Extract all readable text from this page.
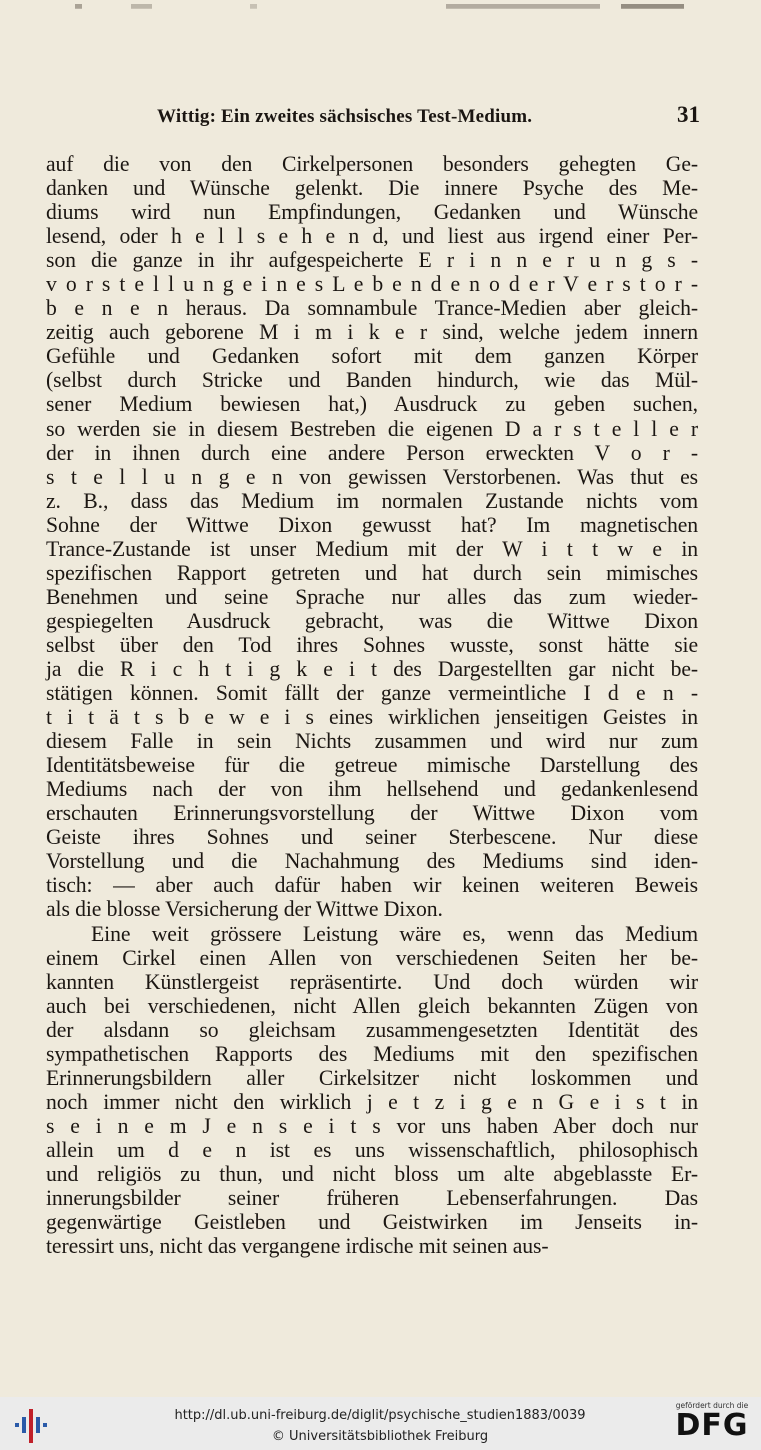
Wittig: Ein zweites sächsisches Test-Medium.	31
auf die von den Cirkelpersonen besonders gehegten Ge-
danken und Wünsche gelenkt. Die innere Psyche des Me-
diums wird nun Empfindungen, Gedanken und Wünsche
lesend, oder h e l l s e h e n d, und liest aus irgend einer Per-
son die ganze in ihr aufgespeicherte E r i n n e r u n g s -
v o r s t e l l u n g e i n e s L e b e n d e n o d e r V e r s t o r -
b e n e n heraus. Da somnambule Trance-Medien aber gleich-
zeitig auch geborene M i m i k e r sind, welche jedem innern
Gefühle und Gedanken sofort mit dem ganzen Körper
(selbst durch Stricke und Banden hindurch, wie das Mül-
sener Medium bewiesen hat,) Ausdruck zu geben suchen,
so werden sie in diesem Bestreben die eigenen D a r s t e l l e r
der in ihnen durch eine andere Person erweckten V o r -
s t e l l u n g e n von gewissen Verstorbenen. Was thut es
z. B., dass das Medium im normalen Zustande nichts vom
Sohne der Wittwe Dixon gewusst hat? Im magnetischen
Trance-Zustande ist unser Medium mit der W i t t w e in
spezifischen Rapport getreten und hat durch sein mimisches
Benehmen und seine Sprache nur alles das zum wieder-
gespiegelten Ausdruck gebracht, was die Wittwe Dixon
selbst über den Tod ihres Sohnes wusste, sonst hätte sie
ja die R i c h t i g k e i t des Dargestellten gar nicht be-
stätigen können. Somit fällt der ganze vermeintliche I d e n -
t i t ä t s b e w e i s eines wirklichen jenseitigen Geistes in
diesem Falle in sein Nichts zusammen und wird nur zum
Identitätsbeweise für die getreue mimische Darstellung des
Mediums nach der von ihm hellsehend und gedankenlesend
erschauten Erinnerungsvorstellung der Wittwe Dixon vom
Geiste ihres Sohnes und seiner Sterbescene. Nur diese
Vorstellung und die Nachahmung des Mediums sind iden-
tisch: — aber auch dafür haben wir keinen weiteren Beweis
als die blosse Versicherung der Wittwe Dixon.
Eine weit grössere Leistung wäre es, wenn das Medium
einem Cirkel einen Allen von verschiedenen Seiten her be-
kannten Künstlergeist repräsentirte. Und doch würden wir
auch bei verschiedenen, nicht Allen gleich bekannten Zügen von
der alsdann so gleichsam zusammengesetzten Identität des
sympathetischen Rapports des Mediums mit den spezifischen
Erinnerungsbildern aller Cirkelsitzer nicht loskommen und
noch immer nicht den wirklich j e t z i g e n G e i s t in
s e i n e m J e n s e i t s vor uns haben Aber doch nur
allein um d e n ist es uns wissenschaftlich, philosophisch
und religiös zu thun, und nicht bloss um alte abgeblasste Er-
innerungsbilder seiner früheren Lebenserfahrungen. Das
gegenwärtige Geistleben und Geistwirken im Jenseits in-
teressirt uns, nicht das vergangene irdische mit seinen aus-
http://dl.ub.uni-freiburg.de/diglit/psychische_studien1883/0039
© Universitätsbibliothek Freiburg
gefördert durch die
DFG
